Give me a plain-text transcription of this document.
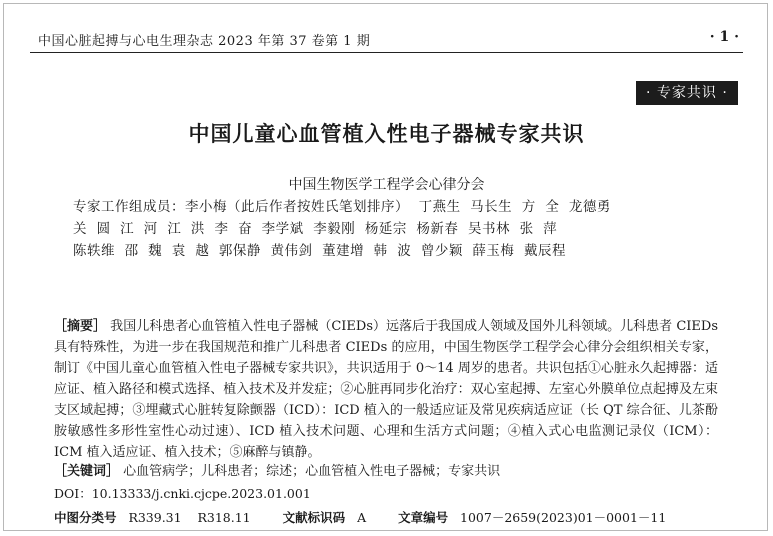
中国心脏起搏与心电生理杂志 2023 年第 37 卷第 1 期	· 1 ·
· 专家共识 ·
中国儿童心血管植入性电子器械专家共识
中国生物医学工程学会心律分会
专家工作组成员：李小梅（此后作者按姓氏笔划排序）  丁燕生  马长生  方  全  龙德勇
关  圆  江  河  江  洪  李  奋  李学斌  李毅刚  杨延宗  杨新春  吴书林  张  萍
陈轶维  邵  魏  袁  越  郭保静  黄伟剑  董建增  韩  波  曾少颖  薛玉梅  戴辰程
［摘要］ 我国儿科患者心血管植入性电子器械（CIEDs）远落后于我国成人领域及国外儿科领域。儿科患者 CIEDs 具有特殊性，为进一步在我国规范和推广儿科患者 CIEDs 的应用，中国生物医学工程学会心律分会组织相关专家，制订《中国儿童心血管植入性电子器械专家共识》，共识适用于 0～14 周岁的患者。共识包括①心脏永久起搏器：适应证、植入路径和模式选择、植入技术及并发症；②心脏再同步化治疗：双心室起搏、左室心外膜单位点起搏及左束支区域起搏；③埋藏式心脏转复除颤器（ICD）：ICD 植入的一般适应证及常见疾病适应证（长 QT 综合征、儿茶酚胺敏感性多形性室性心动过速）、ICD 植入技术问题、心理和生活方式问题；④植入式心电监测记录仪（ICM）：ICM 植入适应证、植入技术；⑤麻醉与镇静。
［关键词］ 心血管病学；儿科患者；综述；心血管植入性电子器械；专家共识
DOI：10.13333/j.cnki.cjcpe.2023.01.001
中图分类号 R339.31    R318.11	文献标识码 A	文章编号 1007－2659(2023)01－0001－11
